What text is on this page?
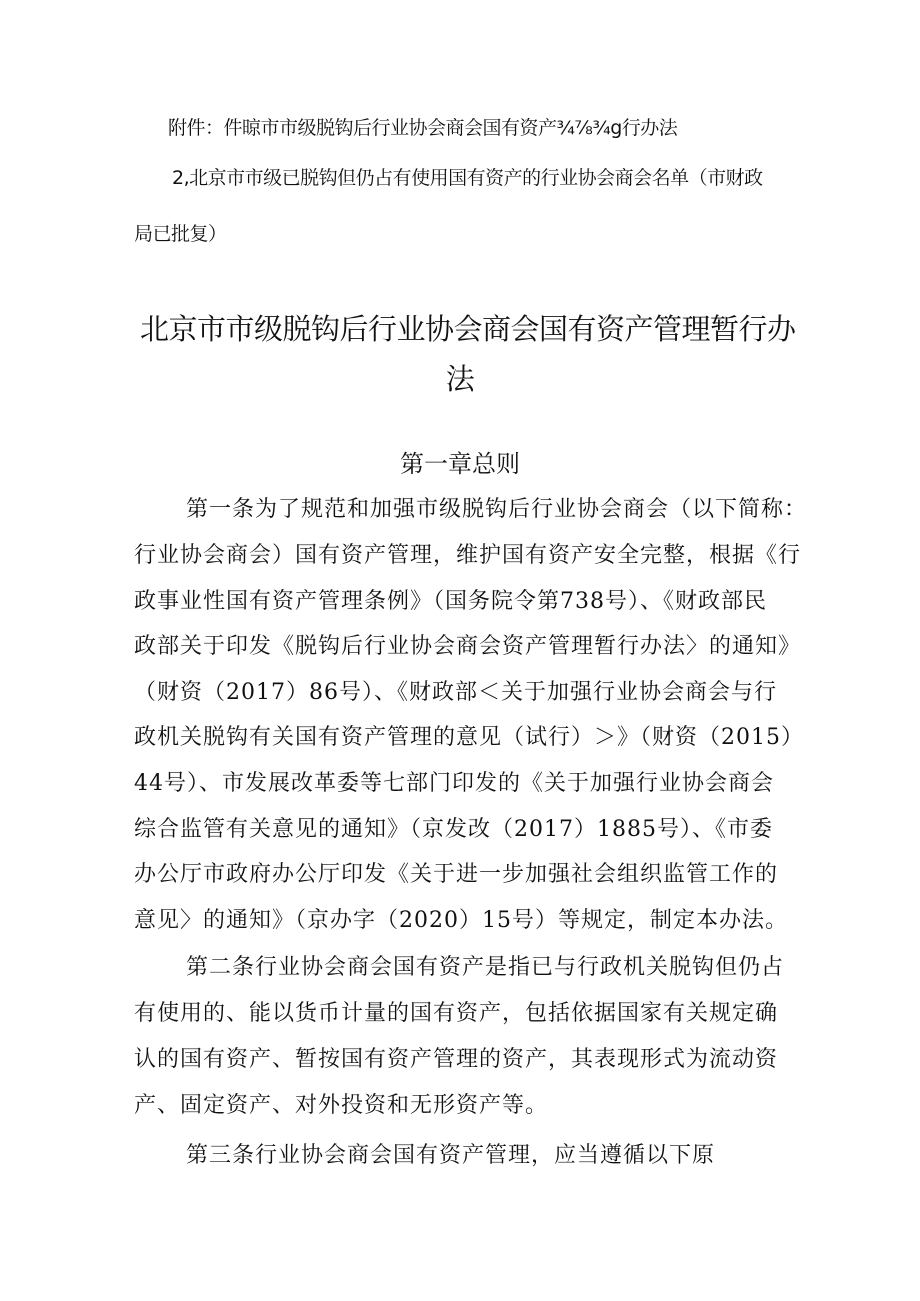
附件：件晾市市级脱钩后行业协会商会国有资产¾⅞¾g行办法
2,北京市市级已脱钩但仍占有使用国有资产的行业协会商会名单（市财政
局已批复）
北京市市级脱钩后行业协会商会国有资产管理暂行办
法
第一章总则
第一条为了规范和加强市级脱钩后行业协会商会（以下简称：
行业协会商会）国有资产管理，维护国有资产安全完整，根据《行
政事业性国有资产管理条例》（国务院令第738号）、《财政部民
政部关于印发《脱钩后行业协会商会资产管理暂行办法〉的通知》
（财资（2017）86号）、《财政部＜关于加强行业协会商会与行
政机关脱钩有关国有资产管理的意见（试行）＞》（财资（2015）
44号）、市发展改革委等七部门印发的《关于加强行业协会商会
综合监管有关意见的通知》（京发改（2017）1885号）、《市委
办公厅市政府办公厅印发《关于进一步加强社会组织监管工作的
意见〉的通知》（京办字（2020）15号）等规定，制定本办法。
第二条行业协会商会国有资产是指已与行政机关脱钩但仍占
有使用的、能以货币计量的国有资产，包括依据国家有关规定确
认的国有资产、暂按国有资产管理的资产，其表现形式为流动资
产、固定资产、对外投资和无形资产等。
第三条行业协会商会国有资产管理，应当遵循以下原
